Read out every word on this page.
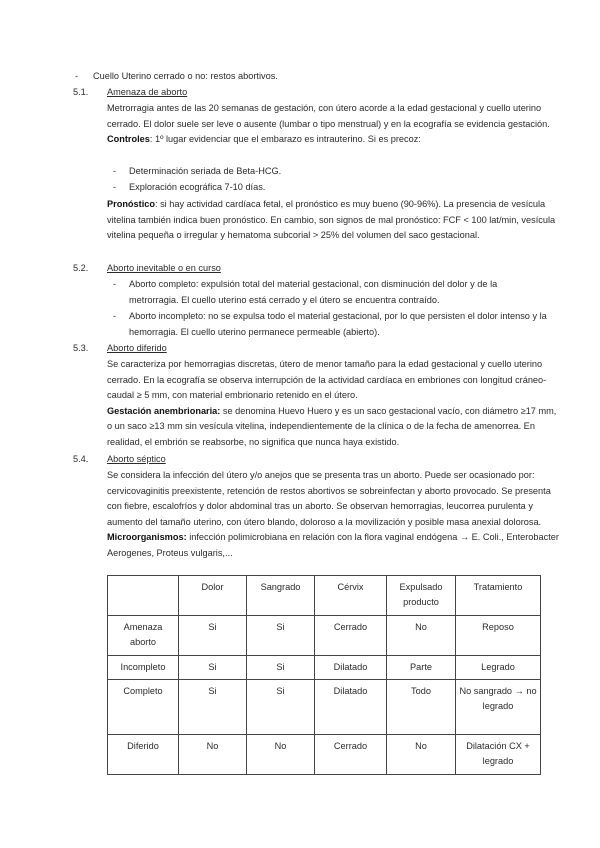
- Cuello Uterino cerrado o no: restos abortivos.
5.1. Amenaza de aborto

Metrorragia antes de las 20 semanas de gestación, con útero acorde a la edad gestacional y cuello uterino cerrado. El dolor suele ser leve o ausente (lumbar o tipo menstrual) y en la ecografía se evidencia gestación.

Controles: 1º lugar evidenciar que el embarazo es intrauterino. Si es precoz:

- Determinación seriada de Beta-HCG.
- Exploración ecográfica 7-10 días.

Pronóstico: si hay actividad cardíaca fetal, el pronóstico es muy bueno (90-96%). La presencia de vesícula vitelina también indica buen pronóstico. En cambio, son signos de mal pronóstico: FCF < 100 lat/min, vesícula vitelina pequeña o irregular y hematoma subcorial > 25% del volumen del saco gestacional.

5.2. Aborto inevitable o en curso
- Aborto completo: expulsión total del material gestacional, con disminución del dolor y de la metrorragia. El cuello uterino está cerrado y el útero se encuentra contraído.
- Aborto incompleto: no se expulsa todo el material gestacional, por lo que persisten el dolor intenso y la hemorragia. El cuello uterino permanece permeable (abierto).
5.3. Aborto diferido

Se caracteriza por hemorragias discretas, útero de menor tamaño para la edad gestacional y cuello uterino cerrado. En la ecografía se observa interrupción de la actividad cardíaca en embriones con longitud cráneo-caudal ≥ 5 mm, con material embrionario retenido en el útero.

Gestación anembrionaria: se denomina Huevo Huero y es un saco gestacional vacío, con diámetro ≥17 mm, o un saco ≥13 mm sin vesícula vitelina, independientemente de la clínica o de la fecha de amenorrea. En realidad, el embrión se reabsorbe, no significa que nunca haya existido.

5.4. Aborto séptico

Se considera la infección del útero y/o anejos que se presenta tras un aborto. Puede ser ocasionado por: cervicovaginitis preexistente, retención de restos abortivos se sobreinfectan y aborto provocado. Se presenta con fiebre, escalofríos y dolor abdominal tras un aborto. Se observan hemorragias, leucorrea purulenta y aumento del tamaño uterino, con útero blando, doloroso a la movilización y posible masa anexial dolorosa.

Microorganismos: infección polimicrobiana en relación con la flora vaginal endógena → E. Coli., Enterobacter Aerogenes, Proteus vulgaris,...

	Dolor	Sangrado	Cérvix	Expulsado producto	Tratamiento
Amenaza aborto	Si	Si	Cerrado	No	Reposo
Incompleto	Si	Si	Dilatado	Parte	Legrado
Completo	Si	Si	Dilatado	Todo	No sangrado → no legrado
Diferido	No	No	Cerrado	No	Dilatación CX + legrado
